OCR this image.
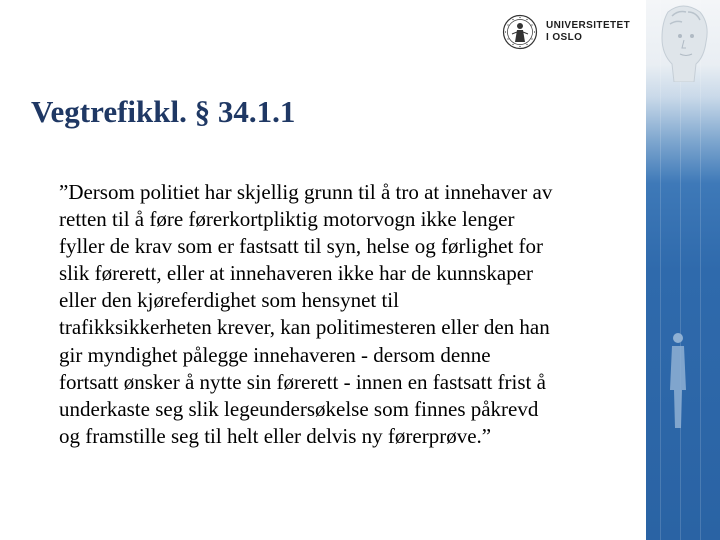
UNIVERSITETET
I OSLO
Vegtrefikkl. § 34.1.1
”Dersom politiet har skjellig grunn til å tro at innehaver av
retten til å føre førerkortpliktig motorvogn ikke lenger
fyller de krav som er fastsatt til syn, helse og førlighet for
slik førerett, eller at innehaveren ikke har de kunnskaper
eller den kjøreferdighet som hensynet til
trafikksikkerheten krever, kan politimesteren eller den han
gir myndighet pålegge innehaveren - dersom denne
fortsatt ønsker å nytte sin førerett - innen en fastsatt frist å
underkaste seg slik legeundersøkelse som finnes påkrevd
og framstille seg til helt eller delvis ny førerprøve.”
